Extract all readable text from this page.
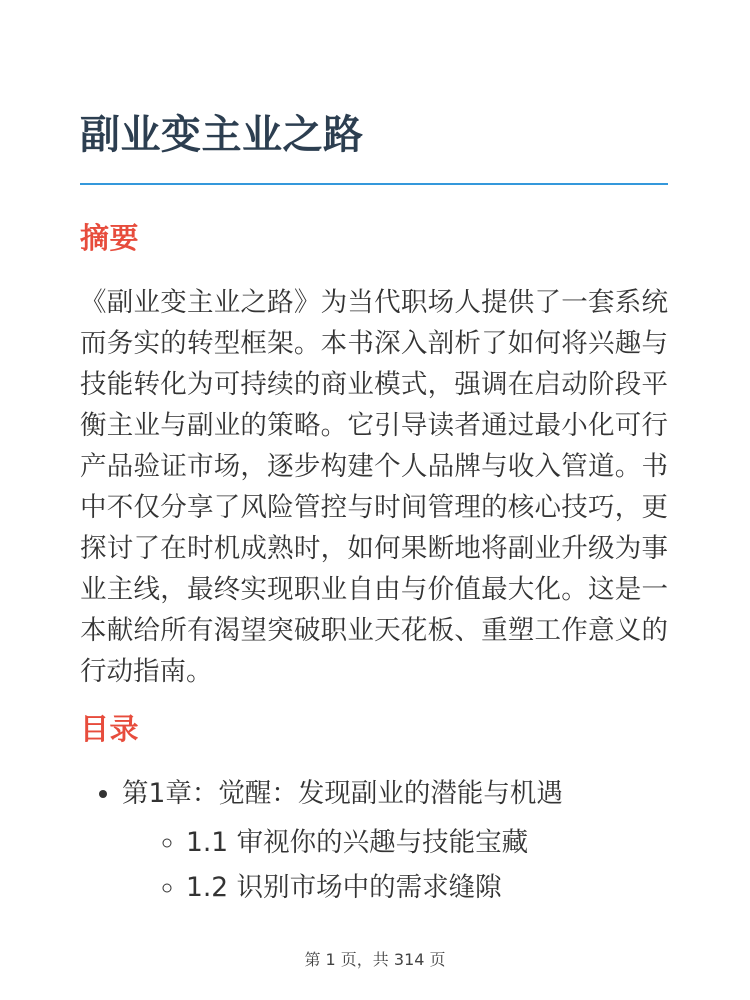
副业变主业之路
摘要

《副业变主业之路》为当代职场人提供了一套系统而务实的转型框架。本书深入剖析了如何将兴趣与技能转化为可持续的商业模式，强调在启动阶段平衡主业与副业的策略。它引导读者通过最小化可行产品验证市场，逐步构建个人品牌与收入管道。书中不仅分享了风险管控与时间管理的核心技巧，更探讨了在时机成熟时，如何果断地将副业升级为事业主线，最终实现职业自由与价值最大化。这是一本献给所有渴望突破职业天花板、重塑工作意义的行动指南。

目录
• 第1章：觉醒：发现副业的潜能与机遇
◦ 1.1 审视你的兴趣与技能宝藏
◦ 1.2 识别市场中的需求缝隙
第 1 页，共 314 页
